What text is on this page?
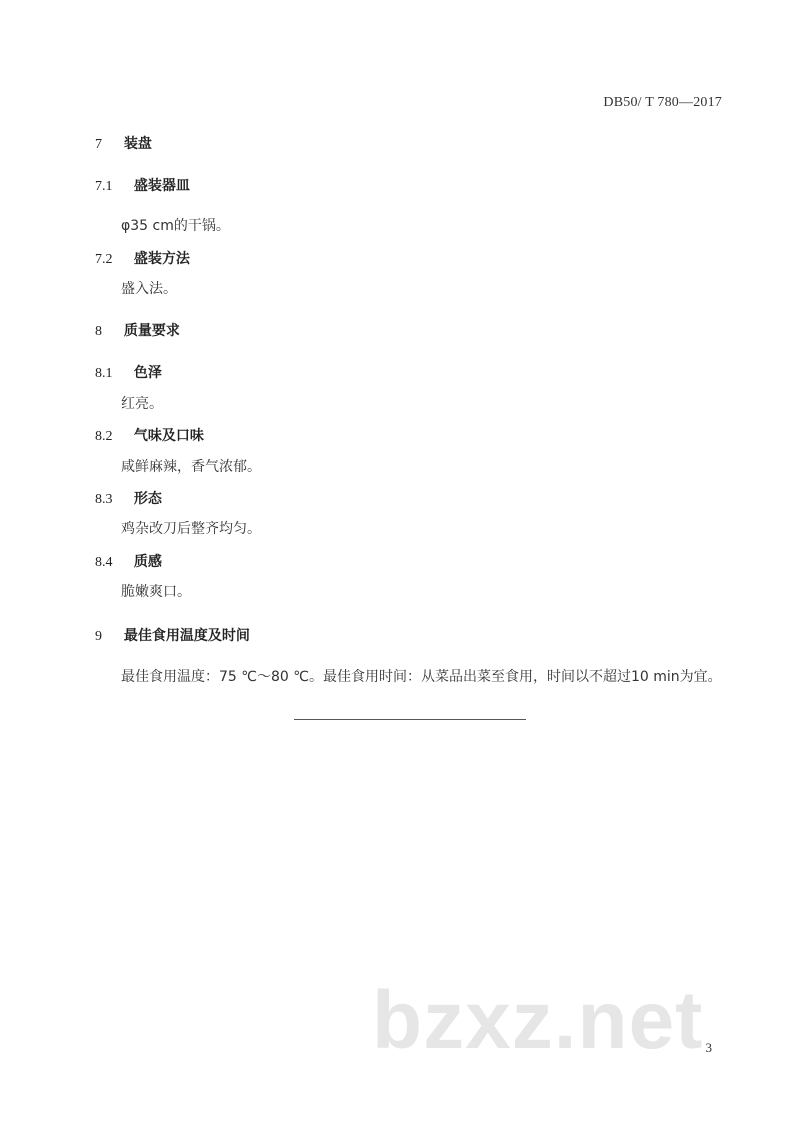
DB50/ T 780—2017
7 装盘
7.1 盛装器皿
φ35 cm的干锅。
7.2 盛装方法
盛入法。
8 质量要求
8.1 色泽
红亮。
8.2 气味及口味
咸鲜麻辣，香气浓郁。
8.3 形态
鸡杂改刀后整齐均匀。
8.4 质感
脆嫩爽口。
9 最佳食用温度及时间
最佳食用温度：75 ℃～80 ℃。最佳食用时间：从菜品出菜至食用，时间以不超过10 min为宜。
bzxz.net 3
